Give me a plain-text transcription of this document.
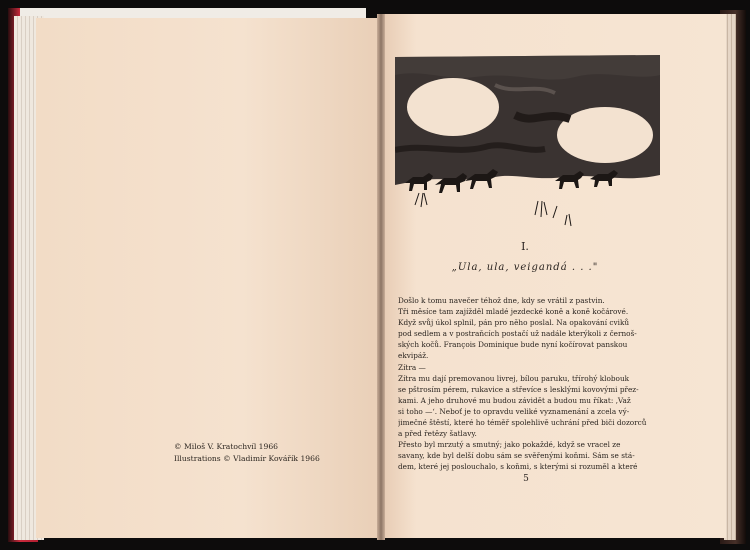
© Miloš V. Kratochvíl 1966
Illustrations © Vladimír Kovářík 1966
I.
„Ula, ula, veigandá . . ."
Došlo k tomu navečer téhož dne, kdy se vrátil z pastvin.
Tři měsíce tam zajížděl mladé jezdecké koně a koně kočárové.
Když svůj úkol splnil, pán pro něho poslal. Na opakování cviků
pod sedlem a v postraňcích postačí už nadále kterýkoli z černoš-
ských kočů. François Dominique bude nyní kočírovat panskou
ekvipáž.
Zítra —
Zítra mu dají premovanou livrej, bílou paruku, třírohý klobouk
se pštrosím pérem, rukavice a střevíce s lesklými kovovými přez-
kami. A jeho druhové mu budou závidět a budou mu říkat: ‚Važ
si toho —‘. Neboť je to opravdu veliké vyznamenání a zcela vý-
jimečné štěstí, které ho téměř spolehlivě uchrání před biči dozorců
a před řetězy šatlavy.
Přesto byl mrzutý a smutný; jako pokaždé, když se vracel ze
savany, kde byl delší dobu sám se svěřenými koňmi. Sám se stá-
dem, které jej poslouchalo, s koňmi, s kterými si rozuměl a které
5
